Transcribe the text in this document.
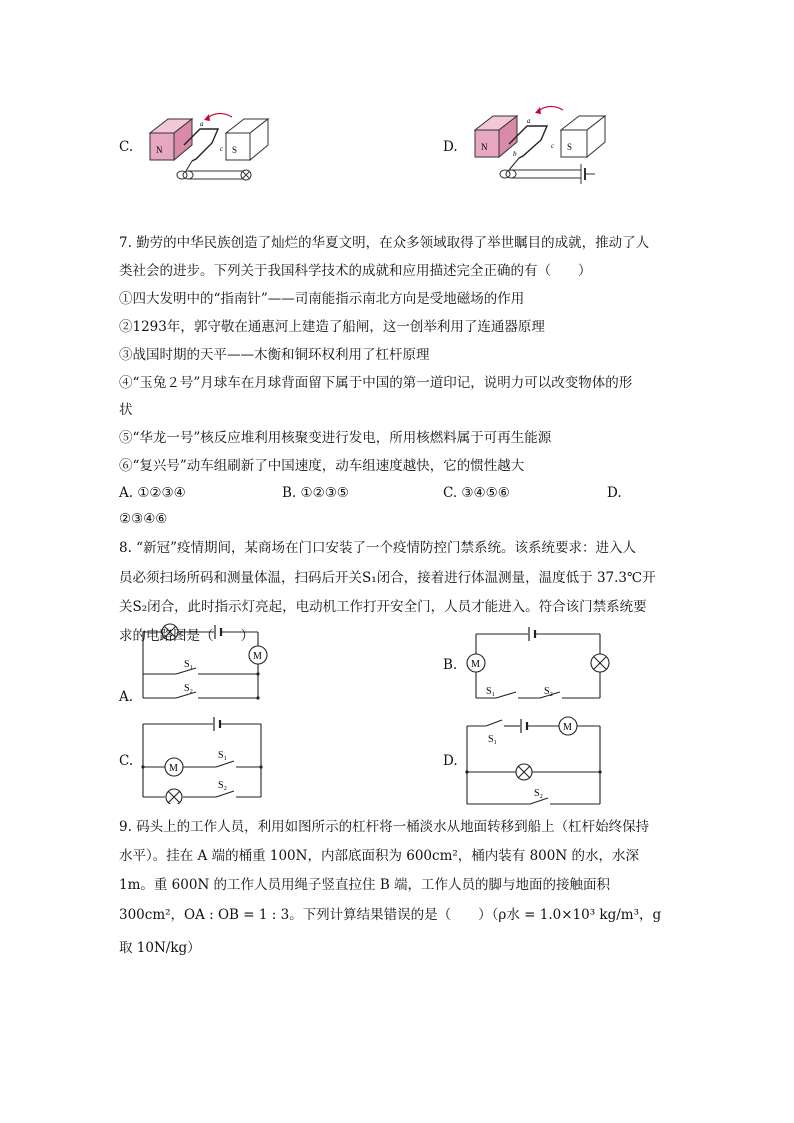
C.	N	S
a
c	D.	N	S
a
b
c
7. 勤劳的中华民族创造了灿烂的华夏文明，在众多领域取得了举世瞩目的成就，推动了人
类社会的进步。下列关于我国科学技术的成就和应用描述完全正确的有（　　）
①四大发明中的“指南针”——司南能指示南北方向是受地磁场的作用
②1293年，郭守敬在通惠河上建造了船闸，这一创举利用了连通器原理
③战国时期的天平——木衡和铜环权利用了杠杆原理
④“玉兔２号”月球车在月球背面留下属于中国的第一道印记，说明力可以改变物体的形
状
⑤“华龙一号”核反应堆利用核聚变进行发电，所用核燃料属于可再生能源
⑥“复兴号”动车组刷新了中国速度，动车组速度越快，它的惯性越大
A. ①②③④	B. ①②③⑤	C. ③④⑤⑥	D.
②③④⑥
8. “新冠”疫情期间，某商场在门口安装了一个疫情防控门禁系统。该系统要求：进入人
员必须扫场所码和测量体温，扫码后开关S₁闭合，接着进行体温测量，温度低于 37.3℃开
关S₂闭合，此时指示灯亮起，电动机工作打开安全门，人员才能进入。符合该门禁系统要
求的电路图是（　　）
A.
M
S₁
S₂
B. M
S₁	S₂
C.	M
S₁
S₂
D.
M
S₁
S₂
9. 码头上的工作人员，利用如图所示的杠杆将一桶淡水从地面转移到船上（杠杆始终保持
水平）。挂在 A 端的桶重 100N，内部底面积为 600cm²，桶内装有 800N 的水，水深
1m。重 600N 的工作人员用绳子竖直拉住 B 端，工作人员的脚与地面的接触面积
300cm²，OA : OB = 1 : 3。下列计算结果错误的是（　　）（ρ水 = 1.0×10³ kg/m³，g
取 10N/kg）
